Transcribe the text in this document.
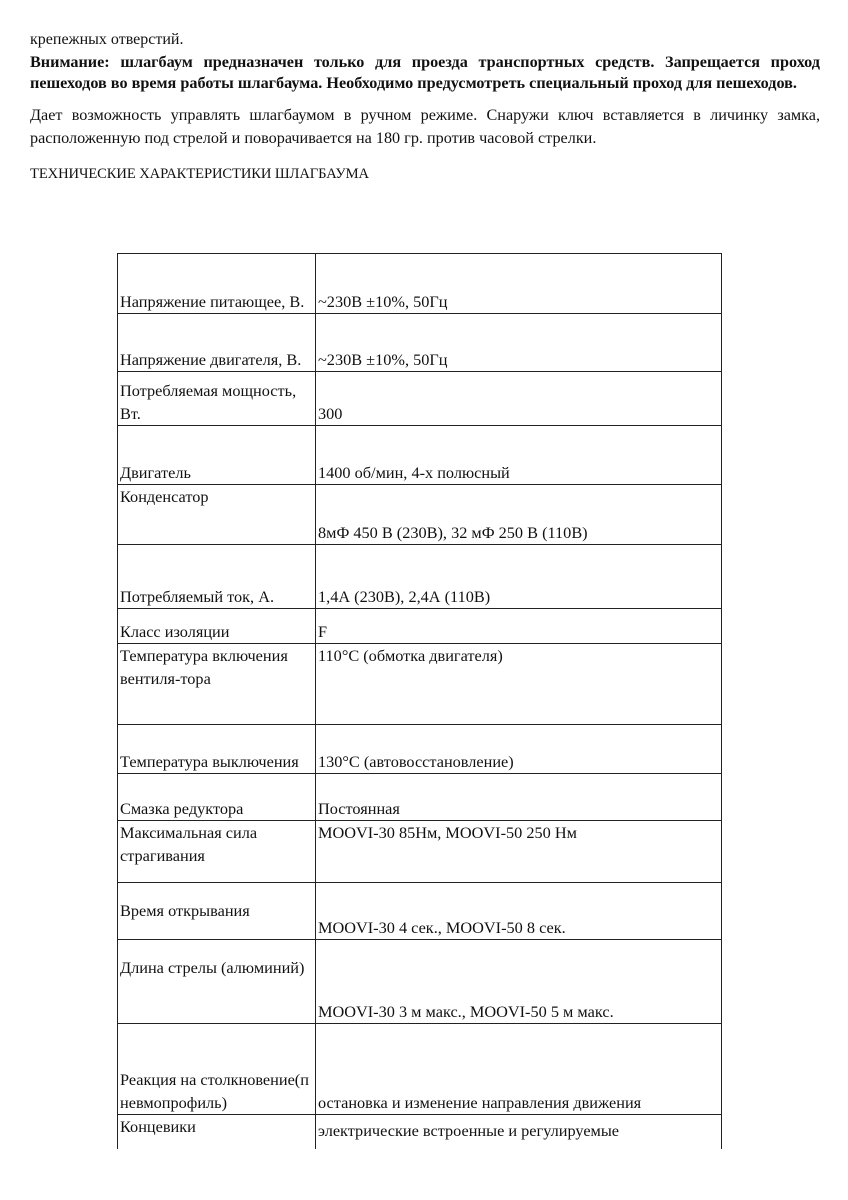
крепежных отверстий.

Внимание: шлагбаум предназначен только для проезда транспортных средств. Запрещается проход пешеходов во время работы шлагбаума. Необходимо предусмотреть специальный проход для пешеходов.

Дает возможность управлять шлагбаумом в ручном режиме. Снаружи ключ вставляется в личинку замка, расположенную под стрелой и поворачивается на 180 гр. против часовой стрелки.

ТЕХНИЧЕСКИЕ ХАРАКТЕРИСТИКИ ШЛАГБАУМА

Напряжение питающее, В.	~230В ±10%, 50Гц
Напряжение двигателя, В.	~230В ±10%, 50Гц
Потребляемая мощность, Вт.	300
Двигатель	1400 об/мин, 4-х полюсный
Конденсатор	8мФ 450 В (230В), 32 мФ 250 В (110В)
Потребляемый ток, А.	1,4А (230В), 2,4А (110В)
Класс изоляции	F
Температура включения вентиля-тора	110°С (обмотка двигателя)
Температура выключения	130°С (автовосстановление)
Смазка редуктора	Постоянная
Максимальная сила страгивания	MOOVI-30 85Нм, MOOVI-50 250 Нм
Время открывания	MOOVI-30 4 сек., MOOVI-50 8 сек.
Длина стрелы (алюминий)	MOOVI-30 3 м макс., MOOVI-50 5 м макс.
Реакция на столкновение(пневмопрофиль)	остановка и изменение направления движения
Концевики	электрические встроенные и регулируемые
